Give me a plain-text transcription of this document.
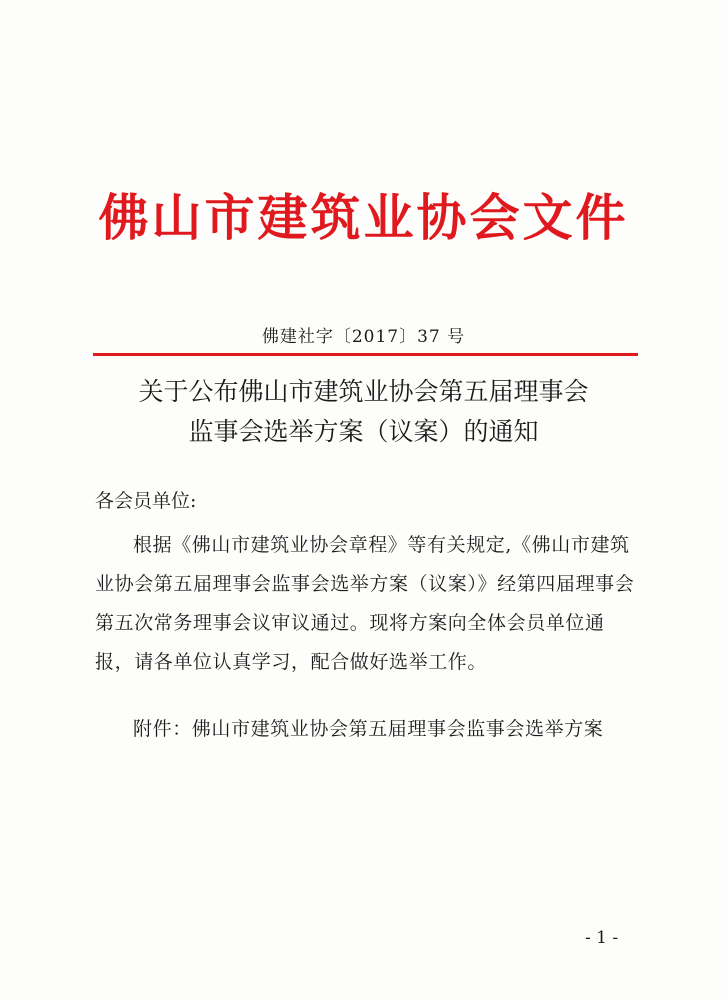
佛山市建筑业协会文件
佛建社字〔2017〕37 号
关于公布佛山市建筑业协会第五届理事会
监事会选举方案（议案）的通知
各会员单位:

根据《佛山市建筑业协会章程》等有关规定,《佛山市建筑业协会第五届理事会监事会选举方案（议案）》经第四届理事会第五次常务理事会议审议通过。现将方案向全体会员单位通报，请各单位认真学习，配合做好选举工作。

附件：佛山市建筑业协会第五届理事会监事会选举方案
- 1 -
